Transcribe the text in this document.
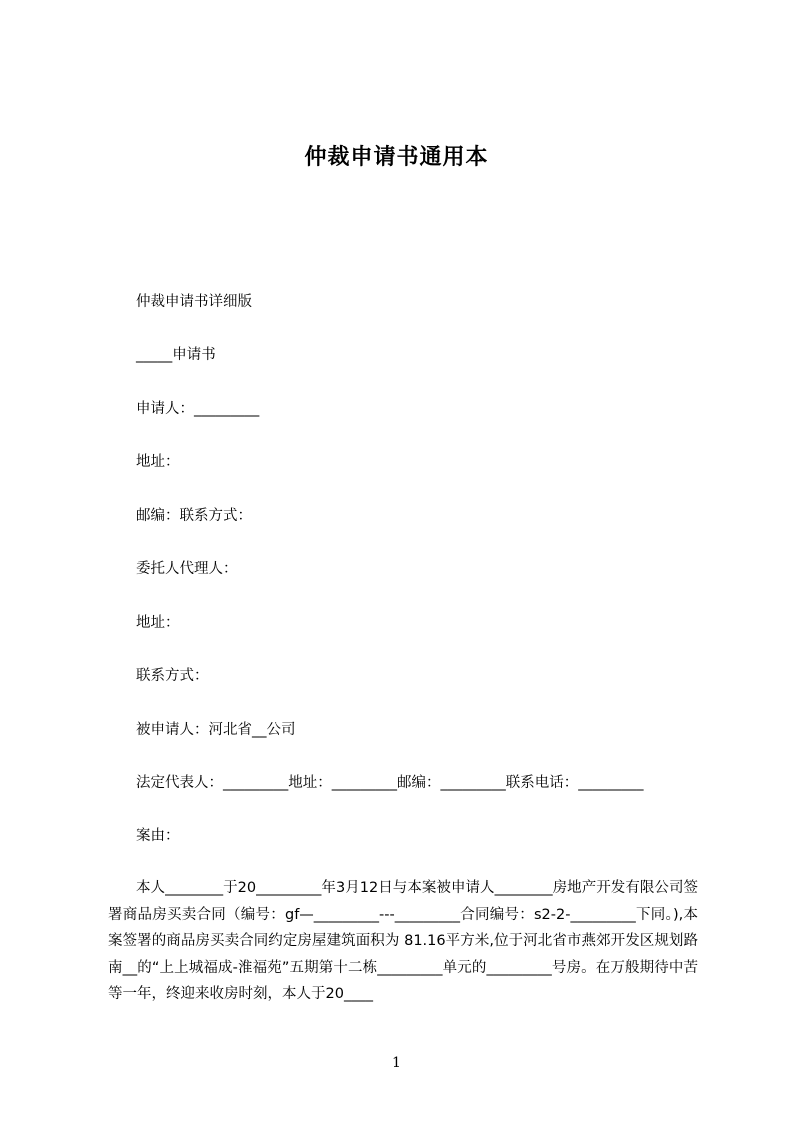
仲裁申请书通用本

仲裁申请书详细版

_____申请书

申请人：_________

地址：

邮编：联系方式：

委托人代理人：

地址：

联系方式：

被申请人：河北省__公司

法定代表人：_________地址：_________邮编：_________联系电话：_________

案由：

本人________于20_________年3月12日与本案被申请人________房地产开发有限公司签署商品房买卖合同（编号：gf—_________---_________合同编号：s2-2-_________下同。),本案签署的商品房买卖合同约定房屋建筑面积为 81.16平方米,位于河北省市燕郊开发区规划路南__的“上上城福成-淮福苑”五期第十二栋_________单元的_________号房。在万般期待中苦等一年，终迎来收房时刻，本人于20____

1
